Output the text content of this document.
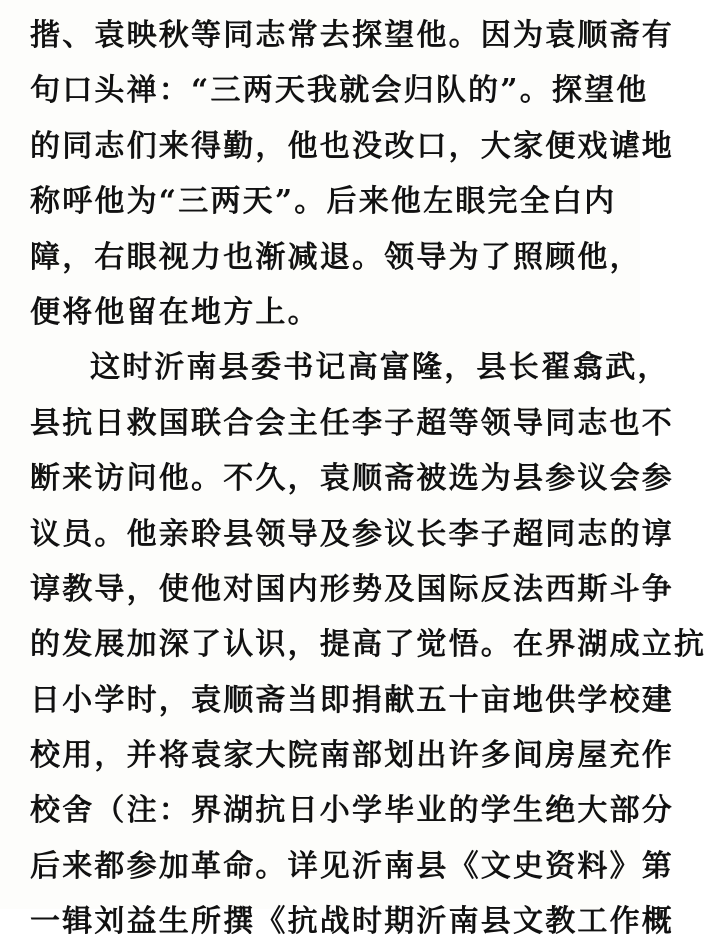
揩、袁映秋等同志常去探望他。因为袁顺斋有
句口头禅：“三两天我就会归队的”。探望他
的同志们来得勤，他也没改口，大家便戏谑地
称呼他为“三两天”。后来他左眼完全白内
障，右眼视力也渐减退。领导为了照顾他，
便将他留在地方上。
这时沂南县委书记高富隆，县长翟翕武，
县抗日救国联合会主任李子超等领导同志也不
断来访问他。不久，袁顺斋被选为县参议会参
议员。他亲聆县领导及参议长李子超同志的谆
谆教导，使他对国内形势及国际反法西斯斗争
的发展加深了认识，提高了觉悟。在界湖成立抗
日小学时，袁顺斋当即捐献五十亩地供学校建
校用，并将袁家大院南部划出许多间房屋充作
校舍（注：界湖抗日小学毕业的学生绝大部分
后来都参加革命。详见沂南县《文史资料》第
一辑刘益生所撰《抗战时期沂南县文教工作概
